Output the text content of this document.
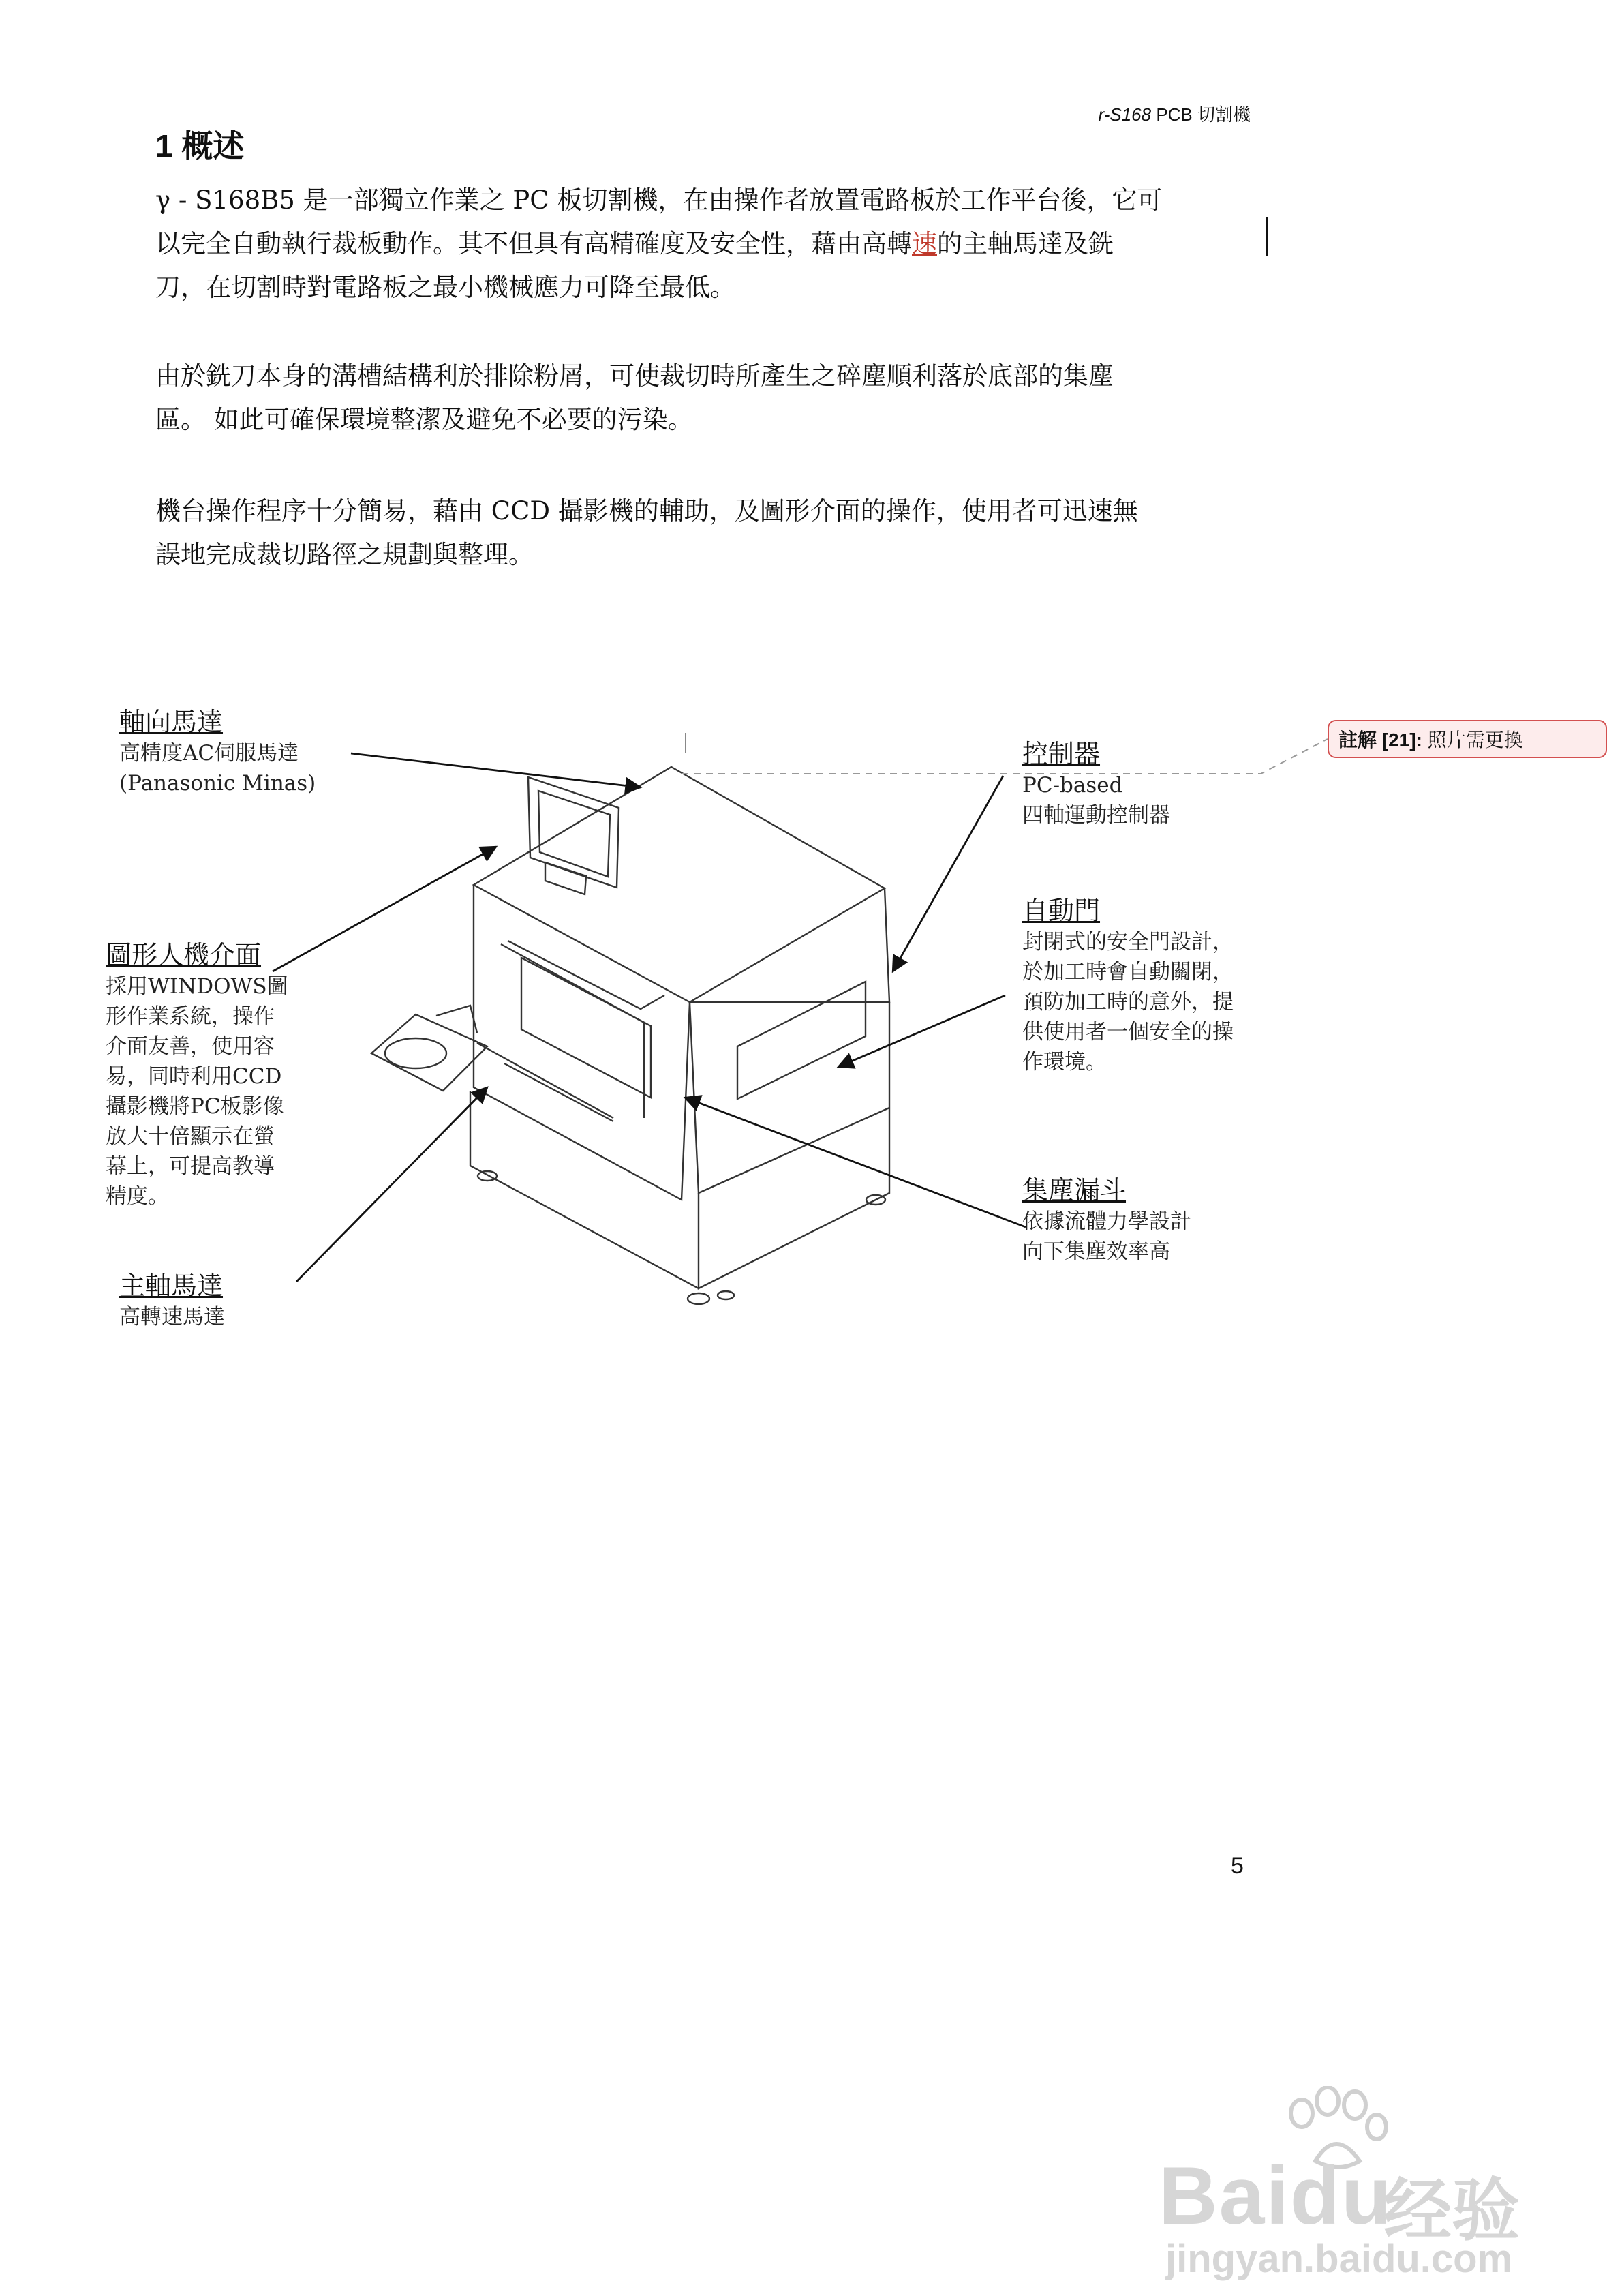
r-S168 PCB 切割機
1 概述
γ - S168B5 是一部獨立作業之 PC 板切割機，在由操作者放置電路板於工作平台後，它可
以完全自動執行裁板動作。其不但具有高精確度及安全性，藉由高轉速的主軸馬達及銑
刀，在切割時對電路板之最小機械應力可降至最低。
由於銑刀本身的溝槽結構利於排除粉屑，可使裁切時所產生之碎塵順利落於底部的集塵
區。 如此可確保環境整潔及避免不必要的污染。
機台操作程序十分簡易，藉由 CCD 攝影機的輔助，及圖形介面的操作，使用者可迅速無
誤地完成裁切路徑之規劃與整理。
軸向馬達
高精度AC伺服馬達
(Panasonic Minas)
圖形人機介面
採用WINDOWS圖
形作業系統，操作
介面友善，使用容
易，同時利用CCD
攝影機將PC板影像
放大十倍顯示在螢
幕上，可提高教導
精度。
主軸馬達
高轉速馬達
控制器
PC-based
四軸運動控制器
自動門
封閉式的安全門設計，
於加工時會自動關閉，
預防加工時的意外，提
供使用者一個安全的操
作環境。
集塵漏斗
依據流體力學設計
向下集塵效率高
註解 [21]: 照片需更換
5
Baidu
经验
jingyan.baidu.com
